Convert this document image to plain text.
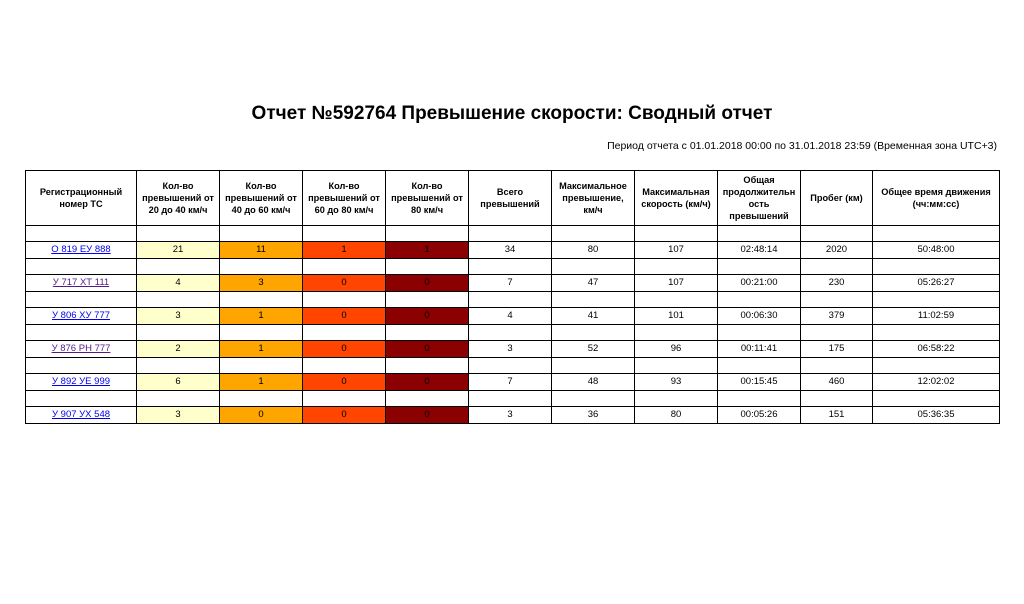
Отчет №592764 Превышение скорости: Сводный отчет
Период отчета с 01.01.2018 00:00 по 31.01.2018 23:59 (Временная зона UTC+3)
Регистрационный
номер ТС	Кол-во
превышений от
20 до 40 км/ч	Кол-во
превышений от
40 до 60 км/ч	Кол-во
превышений от
60 до 80 км/ч	Кол-во
превышений от
80 км/ч	Всего
превышений	Максимальное
превышение,
км/ч	Максимальная
скорость (км/ч)	Общая
продолжительн
ость
превышений	Пробег (км)	Общее время движения
(чч:мм:сс)

О 819 ЕУ 888	21	11	1	1	34	80	107	02:48:14	2020	50:48:00

У 717 ХТ 111	4	3	0	0	7	47	107	00:21:00	230	05:26:27

У 806 ХУ 777	3	1	0	0	4	41	101	00:06:30	379	11:02:59

У 876 РН 777	2	1	0	0	3	52	96	00:11:41	175	06:58:22

У 892 УЕ 999	6	1	0	0	7	48	93	00:15:45	460	12:02:02

У 907 УХ 548	3	0	0	0	3	36	80	00:05:26	151	05:36:35
